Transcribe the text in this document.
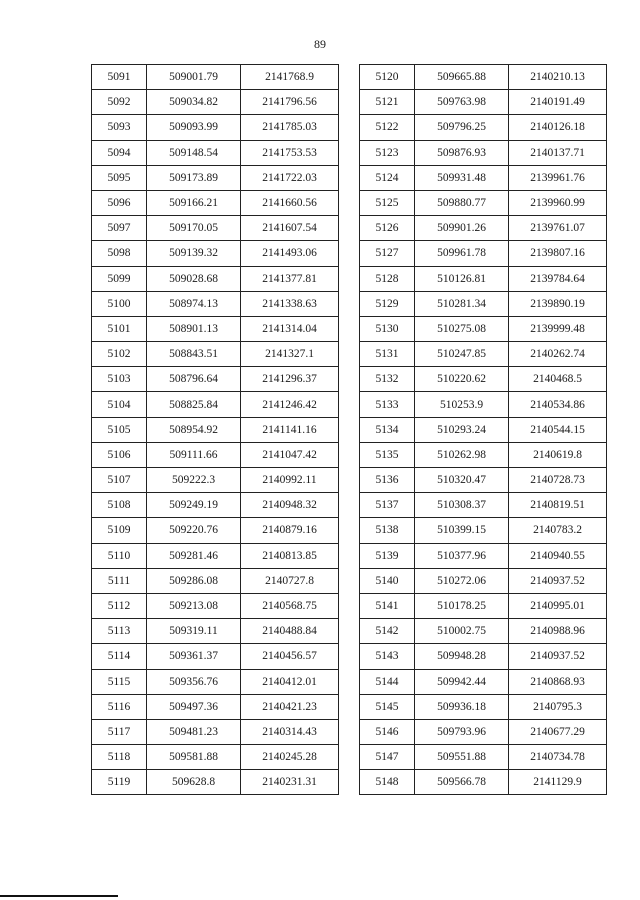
89
5091	509001.79	2141768.9
5092	509034.82	2141796.56
5093	509093.99	2141785.03
5094	509148.54	2141753.53
5095	509173.89	2141722.03
5096	509166.21	2141660.56
5097	509170.05	2141607.54
5098	509139.32	2141493.06
5099	509028.68	2141377.81
5100	508974.13	2141338.63
5101	508901.13	2141314.04
5102	508843.51	2141327.1
5103	508796.64	2141296.37
5104	508825.84	2141246.42
5105	508954.92	2141141.16
5106	509111.66	2141047.42
5107	509222.3	2140992.11
5108	509249.19	2140948.32
5109	509220.76	2140879.16
5110	509281.46	2140813.85
5111	509286.08	2140727.8
5112	509213.08	2140568.75
5113	509319.11	2140488.84
5114	509361.37	2140456.57
5115	509356.76	2140412.01
5116	509497.36	2140421.23
5117	509481.23	2140314.43
5118	509581.88	2140245.28
5119	509628.8	2140231.31
5120	509665.88	2140210.13
5121	509763.98	2140191.49
5122	509796.25	2140126.18
5123	509876.93	2140137.71
5124	509931.48	2139961.76
5125	509880.77	2139960.99
5126	509901.26	2139761.07
5127	509961.78	2139807.16
5128	510126.81	2139784.64
5129	510281.34	2139890.19
5130	510275.08	2139999.48
5131	510247.85	2140262.74
5132	510220.62	2140468.5
5133	510253.9	2140534.86
5134	510293.24	2140544.15
5135	510262.98	2140619.8
5136	510320.47	2140728.73
5137	510308.37	2140819.51
5138	510399.15	2140783.2
5139	510377.96	2140940.55
5140	510272.06	2140937.52
5141	510178.25	2140995.01
5142	510002.75	2140988.96
5143	509948.28	2140937.52
5144	509942.44	2140868.93
5145	509936.18	2140795.3
5146	509793.96	2140677.29
5147	509551.88	2140734.78
5148	509566.78	2141129.9
